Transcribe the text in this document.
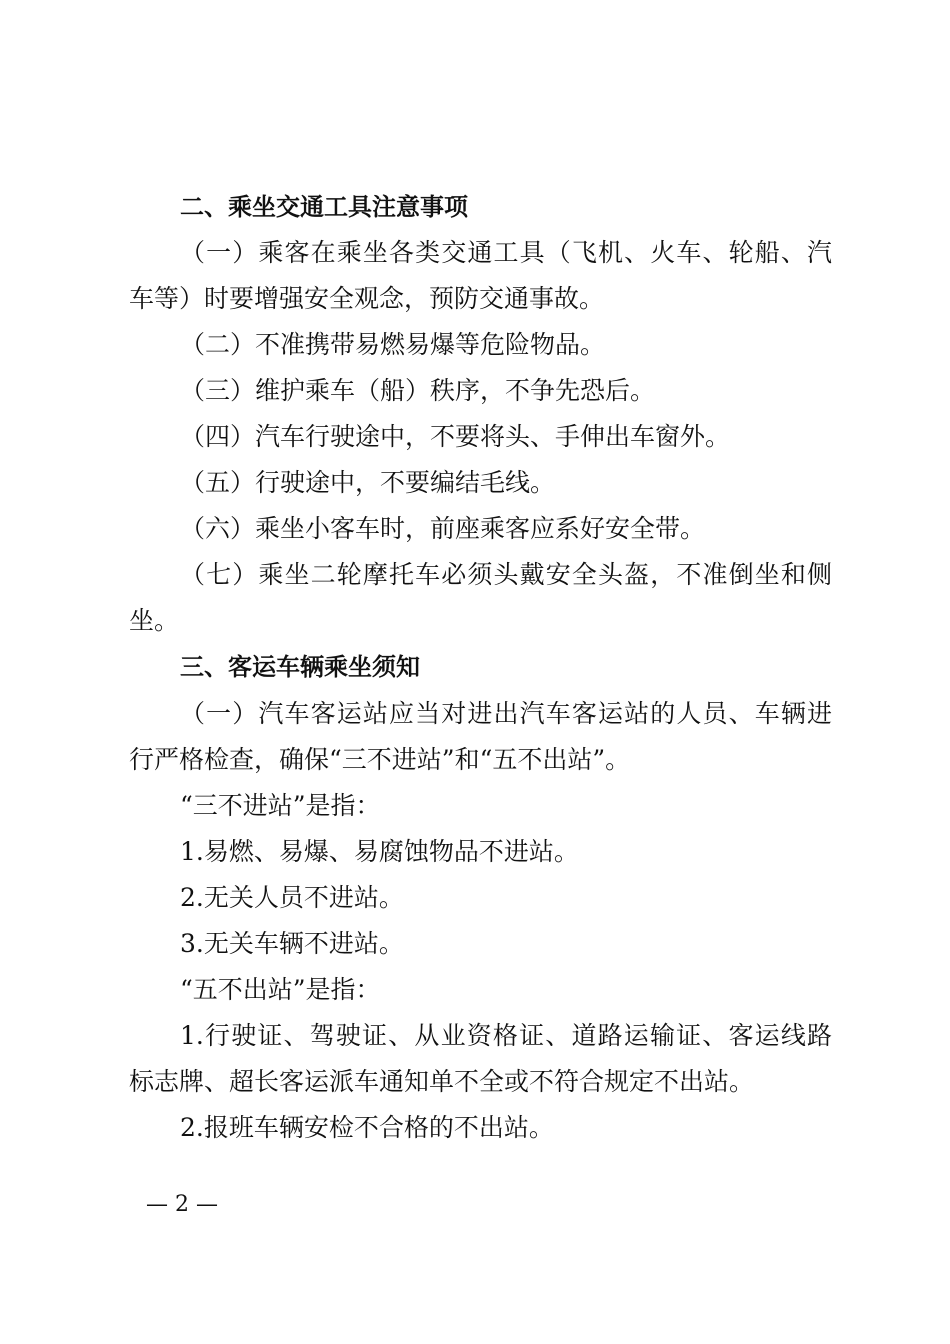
二、乘坐交通工具注意事项

（一）乘客在乘坐各类交通工具（飞机、火车、轮船、汽

车等）时要增强安全观念，预防交通事故。

（二）不准携带易燃易爆等危险物品。

（三）维护乘车（船）秩序，不争先恐后。

（四）汽车行驶途中，不要将头、手伸出车窗外。

（五）行驶途中，不要编结毛线。

（六）乘坐小客车时，前座乘客应系好安全带。

（七）乘坐二轮摩托车必须头戴安全头盔，不准倒坐和侧

坐。

三、客运车辆乘坐须知

（一）汽车客运站应当对进出汽车客运站的人员、车辆进

行严格检查，确保“三不进站”和“五不出站”。

“三不进站”是指：

1.易燃、易爆、易腐蚀物品不进站。

2.无关人员不进站。

3.无关车辆不进站。

“五不出站”是指：

1.行驶证、驾驶证、从业资格证、道路运输证、客运线路

标志牌、超长客运派车通知单不全或不符合规定不出站。

2.报班车辆安检不合格的不出站。

— 2 —
